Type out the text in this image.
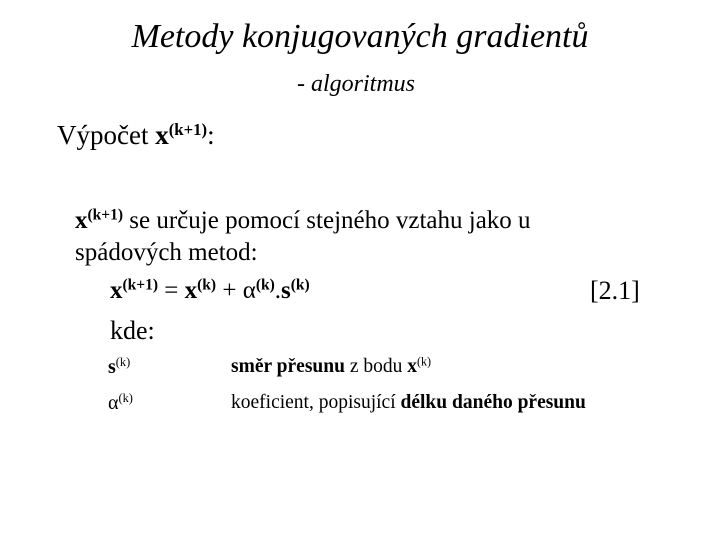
Metody konjugovaných gradientů
- algoritmus
Výpočet $x^{(k+1)}$:
$x^{(k+1)}$ se určuje pomocí stejného vztahu jako u
spádových metod:
$x^{(k+1)} = x^{(k)} + \alpha^{(k)}.s^{(k)}$	[2.1]
kde:
$s^{(k)}$	směr přesunu z bodu $x^{(k)}$
$\alpha^{(k)}$	koeficient, popisující délku daného přesunu
